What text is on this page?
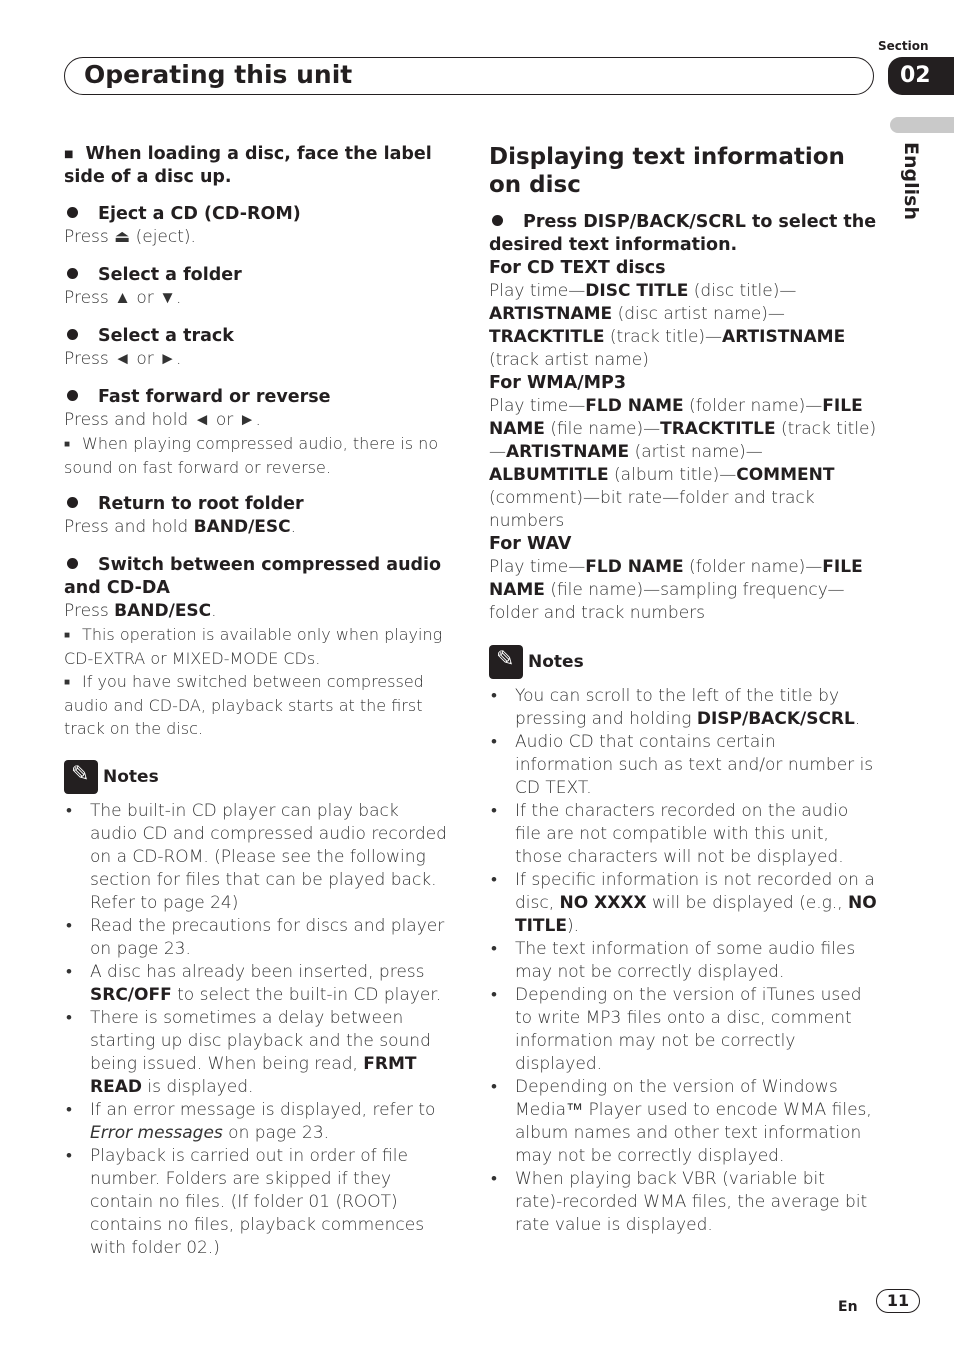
Operating this unit
Section
02
English

■ When loading a disc, face the label side of a disc up.

Eject a CD (CD-ROM)

Press ⏏ (eject).

Select a folder

Press ▲ or ▼.

Select a track

Press ◄ or ►.

Fast forward or reverse

Press and hold ◄ or ►.

■ When playing compressed audio, there is no sound on fast forward or reverse.

Return to root folder

Press and hold BAND/ESC.

Switch between compressed audio and CD-DA

Press BAND/ESC.

■ This operation is available only when playing CD-EXTRA or MIXED-MODE CDs.

■ If you have switched between compressed audio and CD-DA, playback starts at the first track on the disc.

✎
Notes
• The built-in CD player can play back audio CD and compressed audio recorded on a CD-ROM. (Please see the following section for files that can be played back. Refer to page 24)
• Read the precautions for discs and player on page 23.
• A disc has already been inserted, press SRC/OFF to select the built-in CD player.
• There is sometimes a delay between starting up disc playback and the sound being issued. When being read, FRMT READ is displayed.
• If an error message is displayed, refer to Error messages on page 23.
• Playback is carried out in order of file number. Folders are skipped if they contain no files. (If folder 01 (ROOT) contains no files, playback commences with folder 02.)

Displaying text information on disc

Press DISP/BACK/SCRL to select the desired text information.

For CD TEXT discs

Play time—DISC TITLE (disc title)—ARTISTNAME (disc artist name)—TRACKTITLE (track title)—ARTISTNAME (track artist name)

For WMA/MP3

Play time—FLD NAME (folder name)—FILE NAME (file name)—TRACKTITLE (track title)—ARTISTNAME (artist name)—ALBUMTITLE (album title)—COMMENT (comment)—bit rate—folder and track numbers

For WAV

Play time—FLD NAME (folder name)—FILE NAME (file name)—sampling frequency—folder and track numbers

✎
Notes
• You can scroll to the left of the title by pressing and holding DISP/BACK/SCRL.
• Audio CD that contains certain information such as text and/or number is CD TEXT.
• If the characters recorded on the audio file are not compatible with this unit, those characters will not be displayed.
• If specific information is not recorded on a disc, NO XXXX will be displayed (e.g., NO TITLE).
• The text information of some audio files may not be correctly displayed.
• Depending on the version of iTunes used to write MP3 files onto a disc, comment information may not be correctly displayed.
• Depending on the version of Windows Media™ Player used to encode WMA files, album names and other text information may not be correctly displayed.
• When playing back VBR (variable bit rate)-recorded WMA files, the average bit rate value is displayed.
En	11
